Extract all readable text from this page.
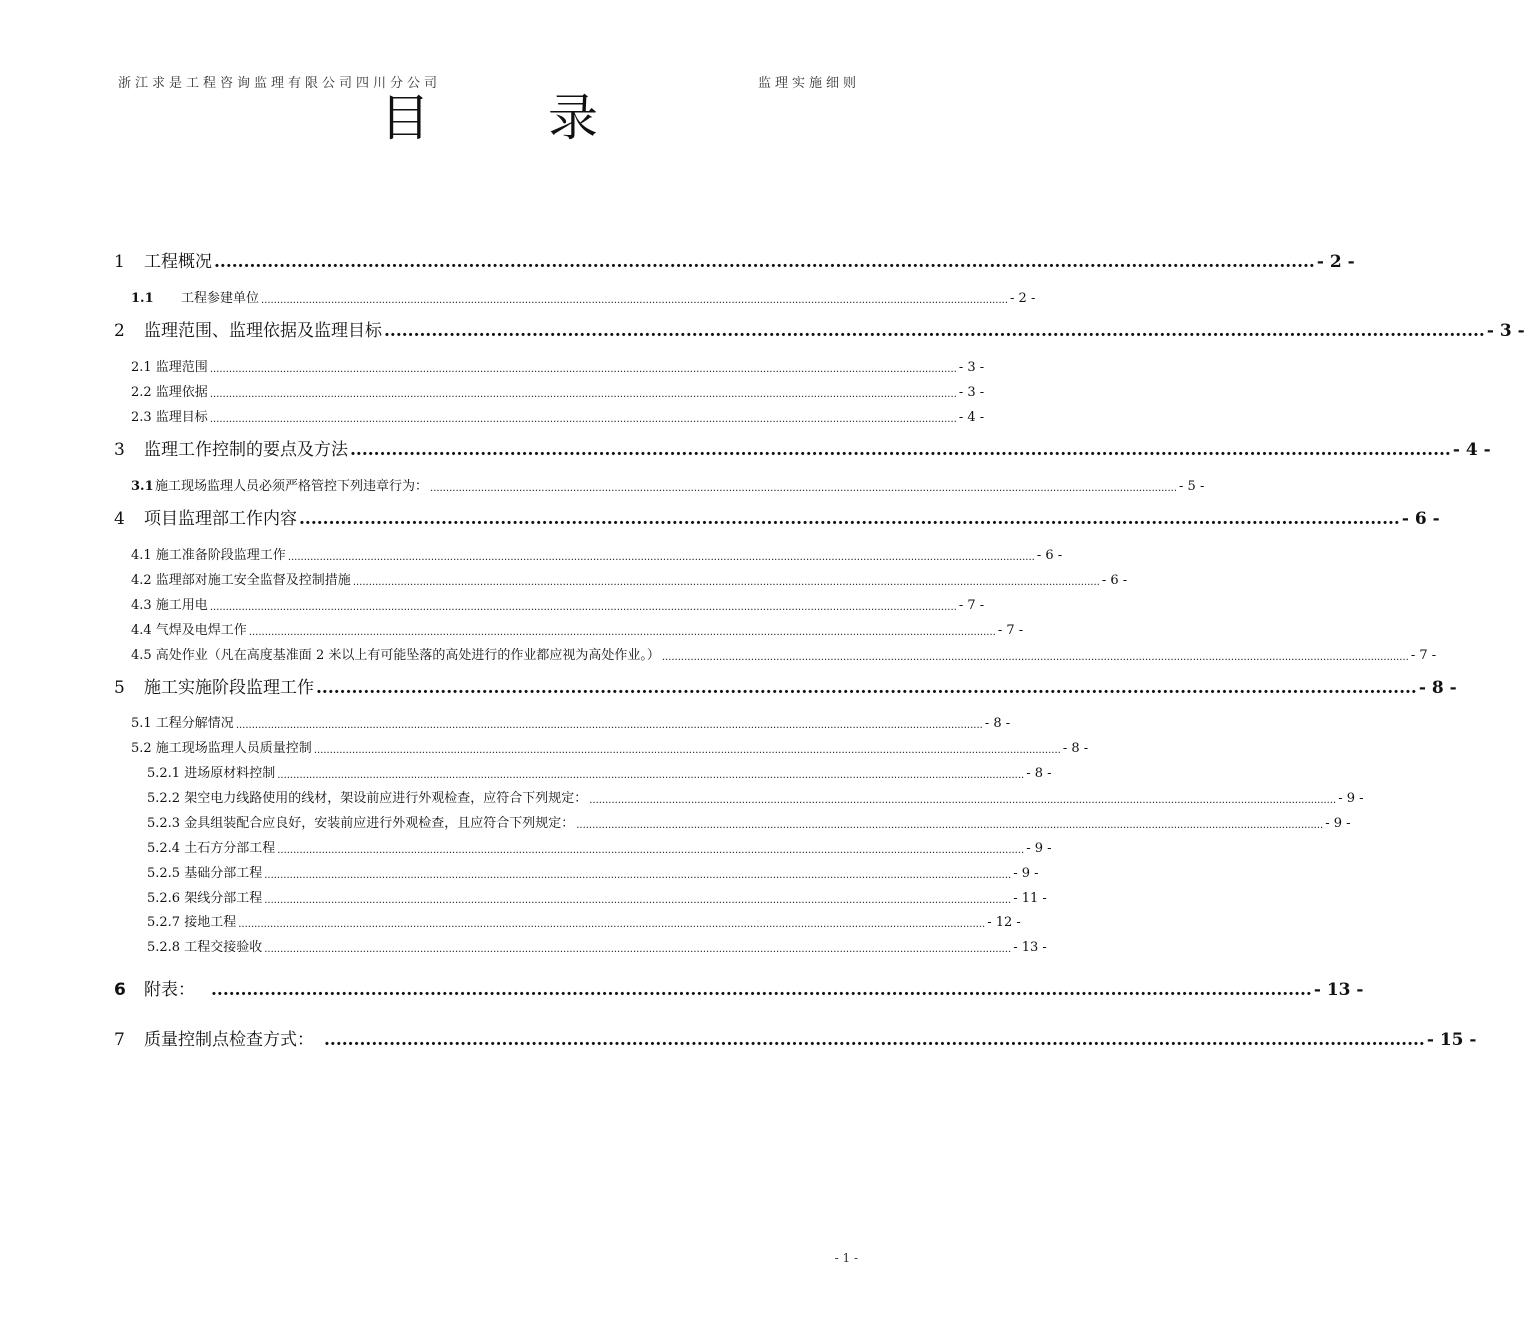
浙江求是工程咨询监理有限公司四川分公司	监理实施细则
目 录
1	工程概况 .......................................................................................................................................................................................... - 2 -
1.1	工程参建单位 ........................................................................................................................................................................................................................................... - 2 -
2	监理范围、监理依据及监理目标 .......................................................................................................................................................................................... - 3 -
2.1 监理范围 ........................................................................................................................................................................................................................................... - 3 -
2.2 监理依据 ........................................................................................................................................................................................................................................... - 3 -
2.3 监理目标 ........................................................................................................................................................................................................................................... - 4 -
3	监理工作控制的要点及方法 .......................................................................................................................................................................................... - 4 -
3.1 施工现场监理人员必须严格管控下列违章行为： ........................................................................................................................................................................................................................................... - 5 -
4	项目监理部工作内容 .......................................................................................................................................................................................... - 6 -
4.1 施工准备阶段监理工作 ........................................................................................................................................................................................................................................... - 6 -
4.2 监理部对施工安全监督及控制措施 ........................................................................................................................................................................................................................................... - 6 -
4.3 施工用电 ........................................................................................................................................................................................................................................... - 7 -
4.4 气焊及电焊工作 ........................................................................................................................................................................................................................................... - 7 -
4.5 高处作业（凡在高度基准面 2 米以上有可能坠落的高处进行的作业都应视为高处作业。） ........................................................................................................................................................................................................................................... - 7 -
5	施工实施阶段监理工作 .......................................................................................................................................................................................... - 8 -
5.1 工程分解情况 ........................................................................................................................................................................................................................................... - 8 -
5.2 施工现场监理人员质量控制 ........................................................................................................................................................................................................................................... - 8 -
5.2.1 进场原材料控制 ........................................................................................................................................................................................................................................... - 8 -
5.2.2 架空电力线路使用的线材，架设前应进行外观检查，应符合下列规定： ........................................................................................................................................................................................................................................... - 9 -
5.2.3 金具组装配合应良好，安装前应进行外观检查，且应符合下列规定： ........................................................................................................................................................................................................................................... - 9 -
5.2.4 土石方分部工程 ........................................................................................................................................................................................................................................... - 9 -
5.2.5 基础分部工程 ........................................................................................................................................................................................................................................... - 9 -
5.2.6 架线分部工程 ........................................................................................................................................................................................................................................... - 11 -
5.2.7 接地工程 ........................................................................................................................................................................................................................................... - 12 -
5.2.8 工程交接验收 ........................................................................................................................................................................................................................................... - 13 -
6	附表： .......................................................................................................................................................................................... - 13 -
7	质量控制点检查方式： .......................................................................................................................................................................................... - 15 -
- 1 -
